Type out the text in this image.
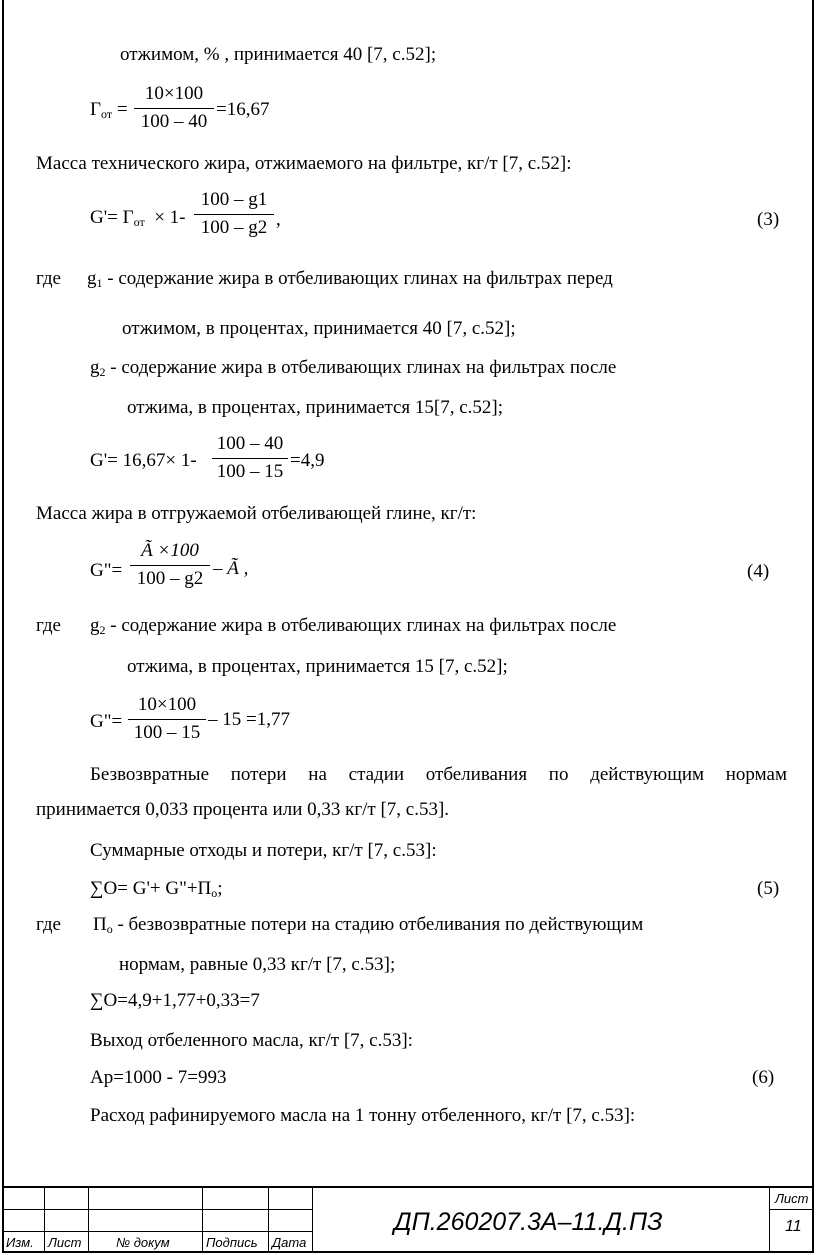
отжимом, % , принимается 40 [7, с.52];
$Г_{от}$ =
10×100
100 – 40
=16,67
Масса технического жира, отжимаемого на фильтре, кг/т [7, с.52]:
$G'= Г_{от} \times 1-$
100 – g1
100 – g2 ,	(3)
где $g_1$ - содержание жира в отбеливающих глинах на фильтрах перед
отжимом, в процентах, принимается 40 [7, с.52];
$g_2$ - содержание жира в отбеливающих глинах на фильтрах после
отжима, в процентах, принимается 15[7, с.52];
G'= 16,67× 1-
100 – 40
100 – 15
=4,9
Масса жира в отгружаемой отбеливающей глине, кг/т:
G"=
Ã ×100
100 – g2 – Ã ,	(4)
где $g_2$ - содержание жира в отбеливающих глинах на фильтрах после
отжима, в процентах, принимается 15 [7, с.52];
G"=
10×100
100 – 15
– 15 =1,77
Безвозвратные потери на стадии отбеливания по действующим нормам
принимается 0,033 процента или 0,33 кг/т [7, с.53].
Суммарные отходы и потери, кг/т [7, с.53]:
$\sum O= G'+ G"+П_о$;	(5)
где $П_о$ - безвозвратные потери на стадию отбеливания по действующим
нормам, равные 0,33 кг/т [7, с.53];
∑O=4,9+1,77+0,33=7
Выход отбеленного масла, кг/т [7, с.53]:
Ар=1000 - 7=993	(6)
Расход рафинируемого масла на 1 тонну отбеленного, кг/т [7, с.53]:
Изм. Лист	№ докум	Подпись Дата
ДП.260207.3А–11.Д.ПЗ
Лист
11
